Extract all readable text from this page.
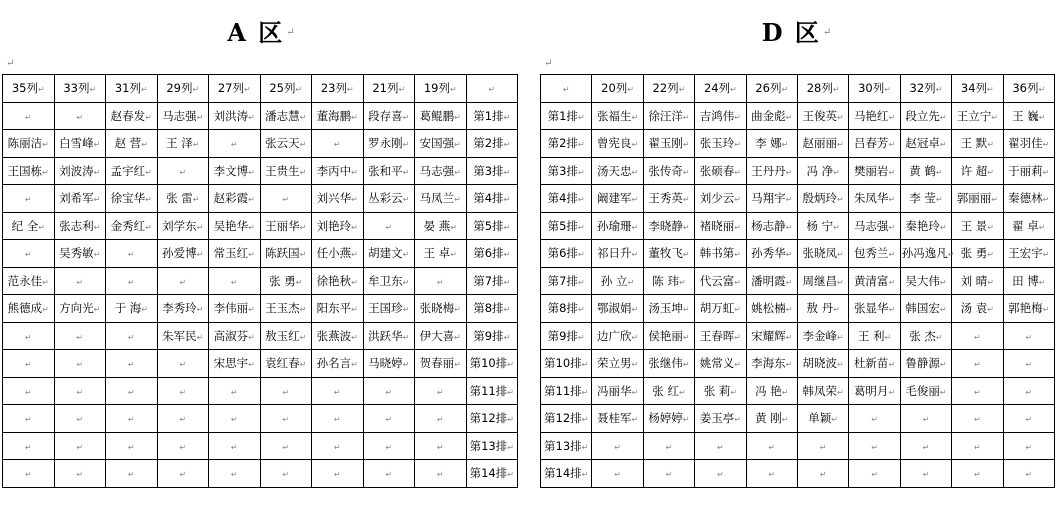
A 区 ↵
↵
35列↵	33列↵	31列↵	29列↵	27列↵	25列↵	23列↵	21列↵	19列↵	↵
↵	↵	赵春发↵	马志强↵	刘洪涛↵	潘志慧↵	董海鹏↵	段存喜↵	葛鲲鹏↵	第1排↵
陈丽洁↵	白雪峰↵	赵 营↵	王 泽↵	↵	张云天↵	↵	罗永刚↵	安国强↵	第2排↵
王国栋↵	刘波涛↵	孟宇红↵	↵	李文博↵	王贵生↵	李丙中↵	张和平↵	马志强↵	第3排↵
↵	刘希军↵	徐宝华↵	张 雷↵	赵彩霞↵	↵	刘兴华↵	丛彩云↵	马凤兰↵	第4排↵
纪 全↵	张志利↵	金秀红↵	刘学东↵	吴艳华↵	王丽华↵	刘艳玲↵	↵	晏 燕↵	第5排↵
↵	吴秀敏↵	↵	孙爱博↵	常玉红↵	陈跃国↵	任小燕↵	胡建文↵	王 卓↵	第6排↵
范永佳↵	↵	↵	↵	↵	张 勇↵	徐艳秋↵	牟卫东↵	↵	第7排↵
熊德成↵	方向光↵	于 海↵	李秀玲↵	李伟丽↵	王玉杰↵	阳东平↵	王国珍↵	张晓梅↵	第8排↵
↵	↵	↵	朱军民↵	高淑芬↵	敖玉红↵	张燕波↵	洪跃华↵	伊大喜↵	第9排↵
↵	↵	↵	↵	宋思宇↵	袁红春↵	孙名言↵	马晓婷↵	贺春丽↵	第10排↵
↵	↵	↵	↵	↵	↵	↵	↵	↵	第11排↵
↵	↵	↵	↵	↵	↵	↵	↵	↵	第12排↵
↵	↵	↵	↵	↵	↵	↵	↵	↵	第13排↵
↵	↵	↵	↵	↵	↵	↵	↵	↵	第14排↵
D 区 ↵
↵
↵	20列↵	22列↵	24列↵	26列↵	28列↵	30列↵	32列↵	34列↵	36列↵
第1排↵	张福生↵	徐汪洋↵	吉鸿伟↵	曲金彪↵	王俊英↵	马艳红↵	段立先↵	王立宁↵	王 巍↵
第2排↵	曾宪良↵	翟玉刚↵	张玉玲↵	李 娜↵	赵丽丽↵	吕春芳↵	赵冠卓↵	王 默↵	翟羽佳↵
第3排↵	汤天忠↵	张传奇↵	张硕春↵	王丹丹↵	冯 净↵	樊丽岩↵	黄 鹤↵	许 超↵	于丽莉↵
第4排↵	阚建军↵	王秀英↵	刘少云↵	马翔宇↵	殷炳玲↵	朱凤华↵	李 莹↵	郭丽丽↵	秦德林↵
第5排↵	孙瑜珊↵	李晓静↵	褚晓丽↵	杨志静↵	杨 宁↵	马志强↵	秦艳玲↵	王 景↵	翟 卓↵
第6排↵	祁日升↵	董牧飞↵	韩书第↵	孙秀华↵	张晓凤↵	包秀兰↵	孙冯逸凡↵	张 勇↵	王宏宇↵
第7排↵	孙 立↵	陈 玮↵	代云富↵	潘明霞↵	周继昌↵	黄清富↵	吴大伟↵	刘 晴↵	田 博↵
第8排↵	鄂淑娟↵	汤玉坤↵	胡万虹↵	姚松楠↵	敖 丹↵	张显华↵	韩国宏↵	汤 袁↵	郭艳梅↵
第9排↵	边广欣↵	侯艳丽↵	王春晖↵	宋耀辉↵	李金峰↵	王 利↵	张 杰↵	↵	↵
第10排↵	荣立男↵	张继伟↵	姚常义↵	李海东↵	胡晓波↵	杜新苗↵	鲁静源↵	↵	↵
第11排↵	冯丽华↵	张 红↵	张 莉↵	冯 艳↵	韩凤荣↵	葛明月↵	毛俊丽↵	↵	↵
第12排↵	聂桂军↵	杨婷婷↵	姜玉亭↵	黄 刚↵	单颖↵	↵	↵	↵	↵
第13排↵	↵	↵	↵	↵	↵	↵	↵	↵	↵
第14排↵	↵	↵	↵	↵	↵	↵	↵	↵	↵
